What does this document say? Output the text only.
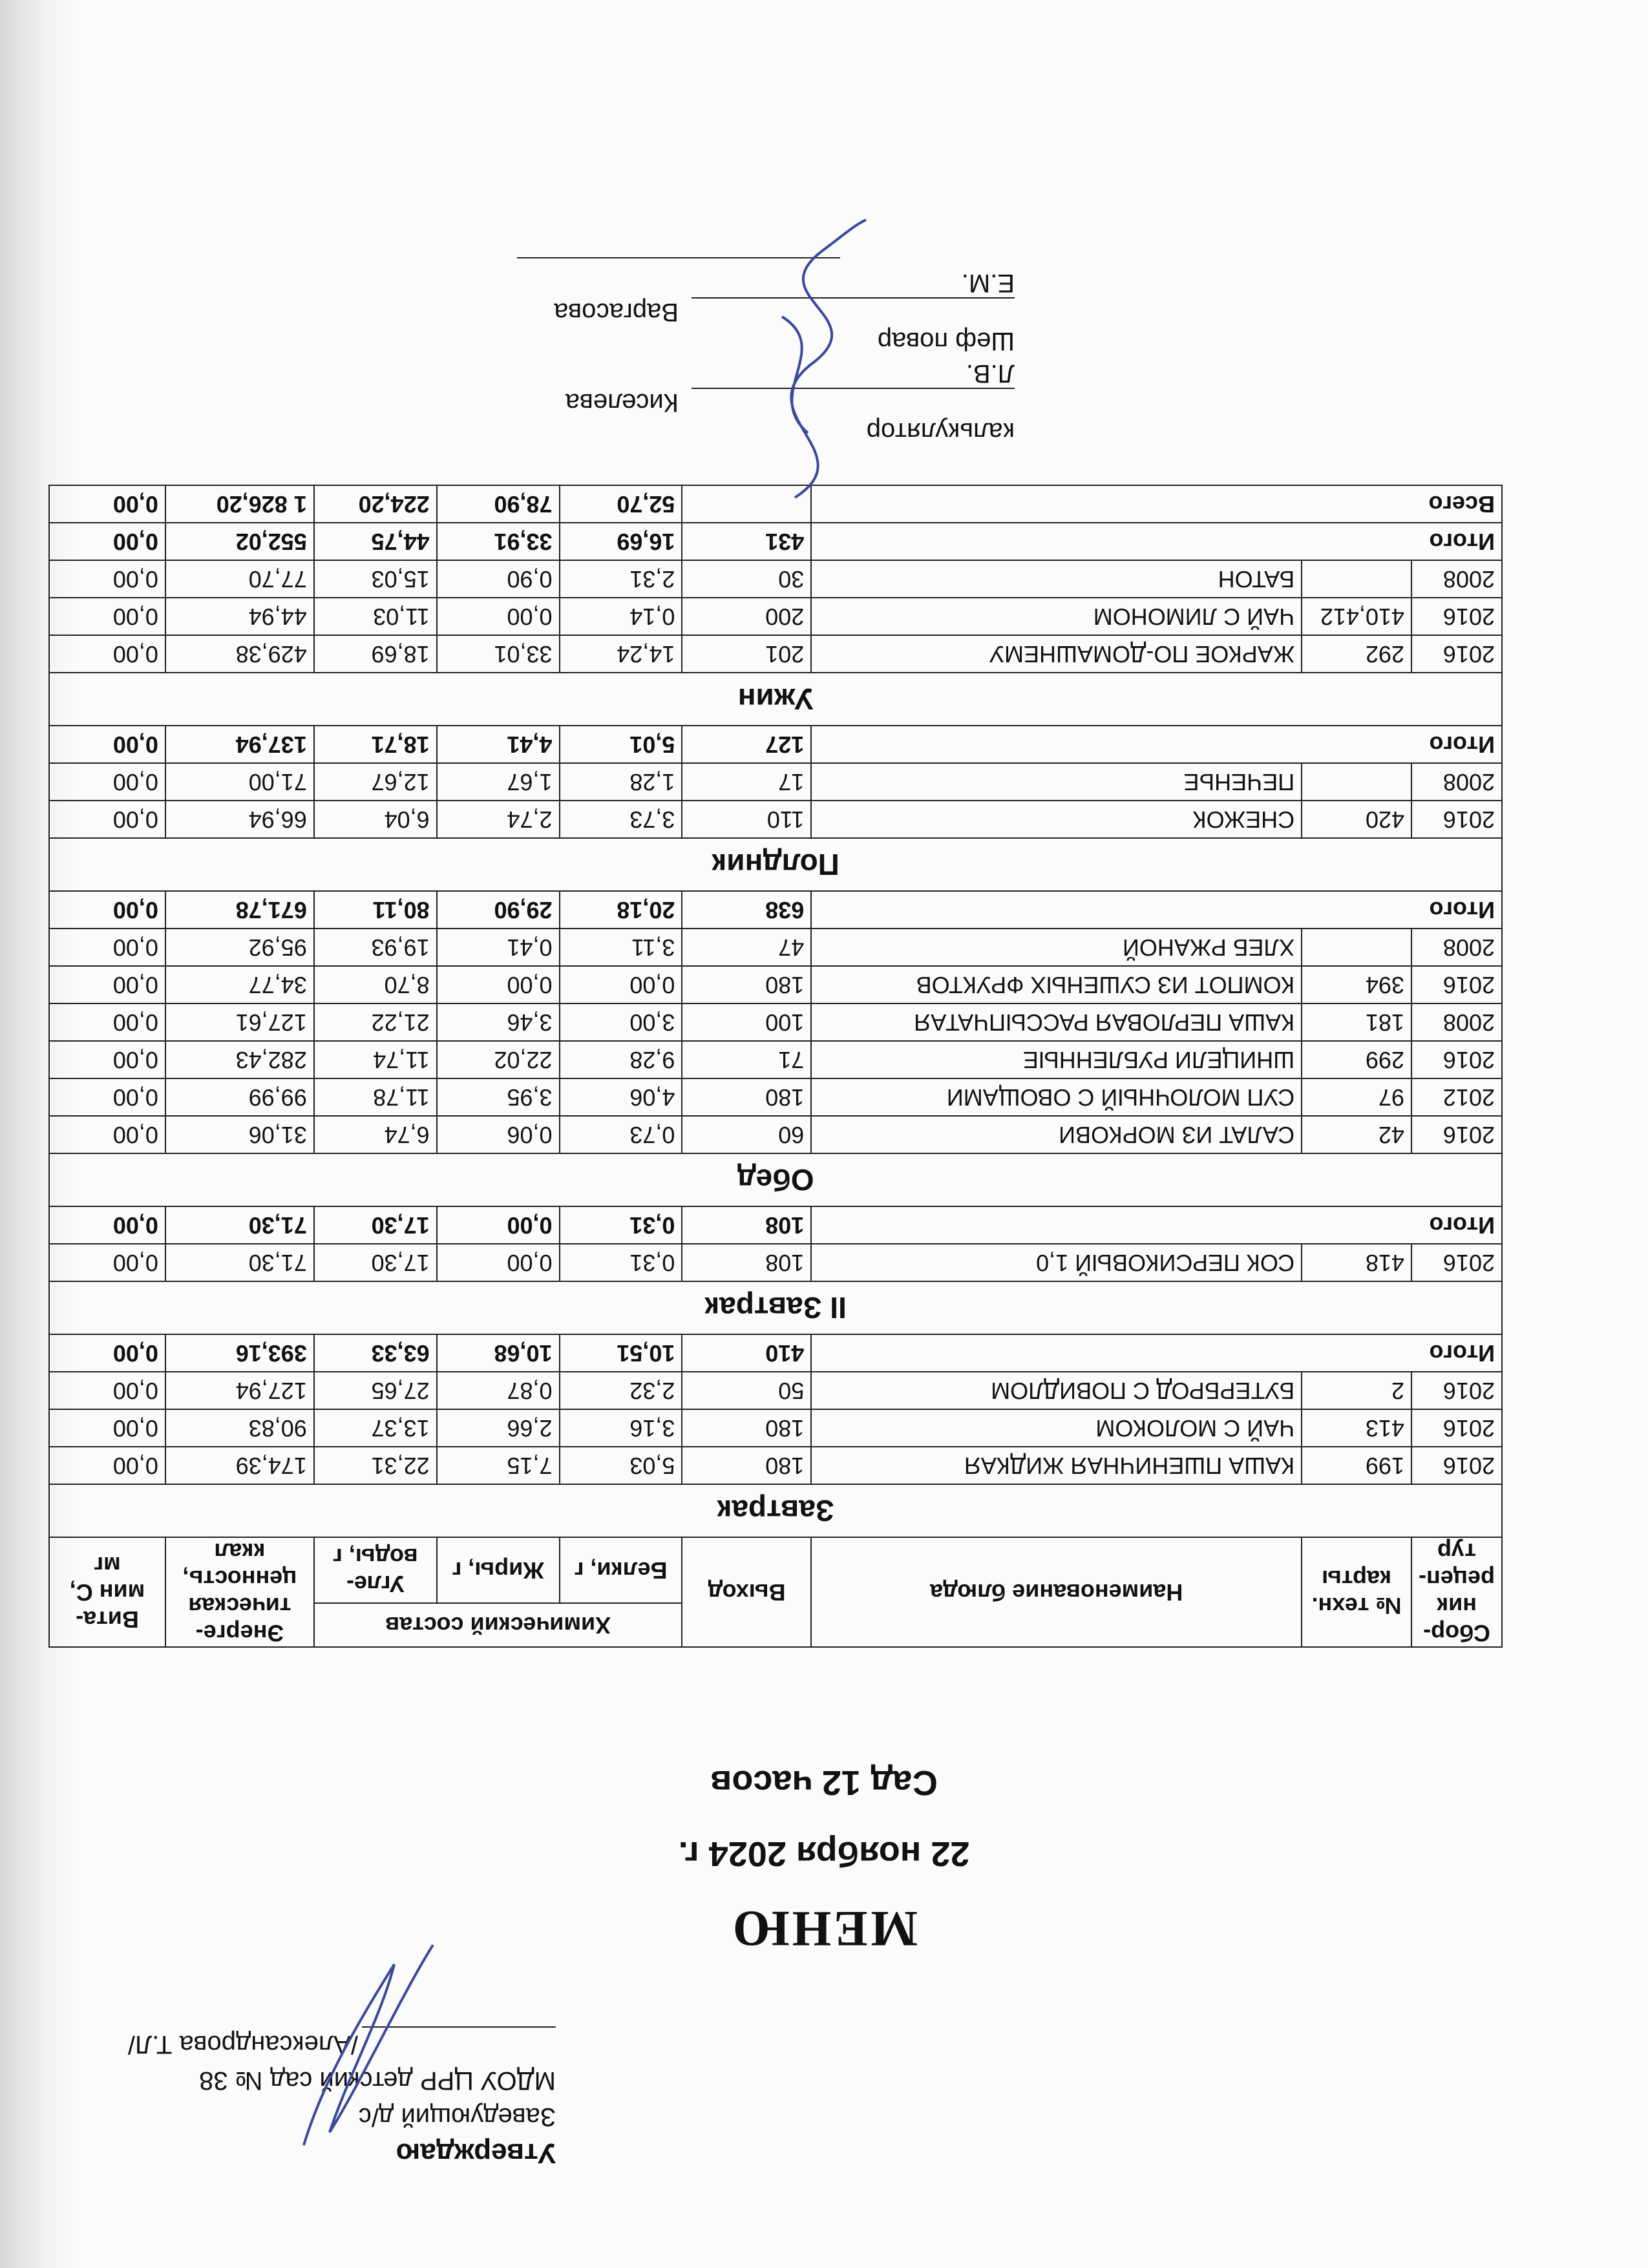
Утверждаю
Заведующий д/с
МДОУ ЦРР детский сад № 38
/Александрова Т.Л/
МЕНЮ
22 ноября 2024 г.
Сад 12 часов
Сбор-ник рецеп-тур	№ техн. карты	Наименование блюда	Выход	Химический состав			Энерге-тическая ценность, ккал	Вита-мин С, мг
				Белки, г	Жиры, г	Угле-воды, г		
Завтрак								
2016	199	КАША ПШЕНИЧНАЯ ЖИДКАЯ	180	5,03	7,15	22,31	174,39	0,00
2016	413	ЧАЙ С МОЛОКОМ	180	3,16	2,66	13,37	90,83	0,00
2016	2	БУТЕРБРОД С ПОВИДЛОМ	50	2,32	0,87	27,65	127,94	0,00
Итого			410	10,51	10,68	63,33	393,16	0,00
II Завтрак								
2016	418	СОК ПЕРСИКОВЫЙ 1,0	108	0,31	0,00	17,30	71,30	0,00
Итого			108	0,31	0,00	17,30	71,30	0,00
Обед								
2016	42	САЛАТ ИЗ МОРКОВИ	60	0,73	0,06	6,74	31,06	0,00
2012	97	СУП МОЛОЧНЫЙ С ОВОЩАМИ	180	4,06	3,95	11,78	99,99	0,00
2016	299	ШНИЦЕЛИ РУБЛЕННЫЕ	71	9,28	22,02	11,74	282,43	0,00
2008	181	КАША ПЕРЛОВАЯ РАССЫПЧАТАЯ	100	3,00	3,46	21,22	127,61	0,00
2016	394	КОМПОТ ИЗ СУШЕНЫХ ФРУКТОВ	180	0,00	0,00	8,70	34,77	0,00
2008		ХЛЕБ РЖАНОЙ	47	3,11	0,41	19,93	95,92	0,00
Итого			638	20,18	29,90	80,11	671,78	0,00
Полдник								
2016	420	СНЕЖОК	110	3,73	2,74	6,04	66,94	0,00
2008		ПЕЧЕНЬЕ	17	1,28	1,67	12,67	71,00	0,00
Итого			127	5,01	4,41	18,71	137,94	0,00
Ужин								
2016	292	ЖАРКОЕ ПО-ДОМАШНЕМУ	201	14,24	33,01	18,69	429,38	0,00
2016	410,412	ЧАЙ С ЛИМОНОМ	200	0,14	0,00	11,03	44,94	0,00
2008		БАТОН	30	2,31	0,90	15,03	77,70	0,00
Итого			431	16,69	33,91	44,75	552,02	0,00
Всего				52,70	78,90	224,20	1 826,20	0,00
калькуляторКиселева Л.В.
Шеф поварВаргасова Е.М.
